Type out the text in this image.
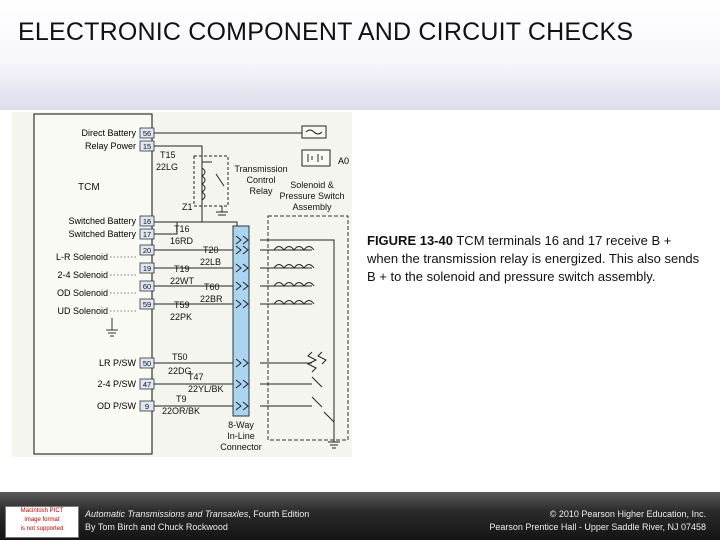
ELECTRONIC COMPONENT AND CIRCUIT CHECKS
TCM
Direct Battery
Relay Power
Switched Battery
Switched Battery
L-R Solenoid
2-4 Solenoid
OD Solenoid
UD Solenoid
LR P/SW
2-4 P/SW
OD P/SW
56
15
16
17
20
19
60
59
50
47
9
A0
T15
22LG
Z1
T16
16RD
T20
22LB
T19
22WT
T60
22BR
T59
22PK
T50
22DG
T47
22YL/BK
T9
22OR/BK
Transmission
Control
Relay
Solenoid &
Pressure Switch
Assembly
8-Way
In-Line
Connector
FIGURE 13-40 TCM terminals 16 and 17 receive B + when the transmission relay is energized. This also sends B + to the solenoid and pressure switch assembly.
Macintosh PICT
image format
is not supported
Automatic Transmissions and Transaxles, Fourth Edition
By Tom Birch and Chuck Rockwood
© 2010 Pearson Higher Education, Inc.
Pearson Prentice Hall - Upper Saddle River, NJ 07458
